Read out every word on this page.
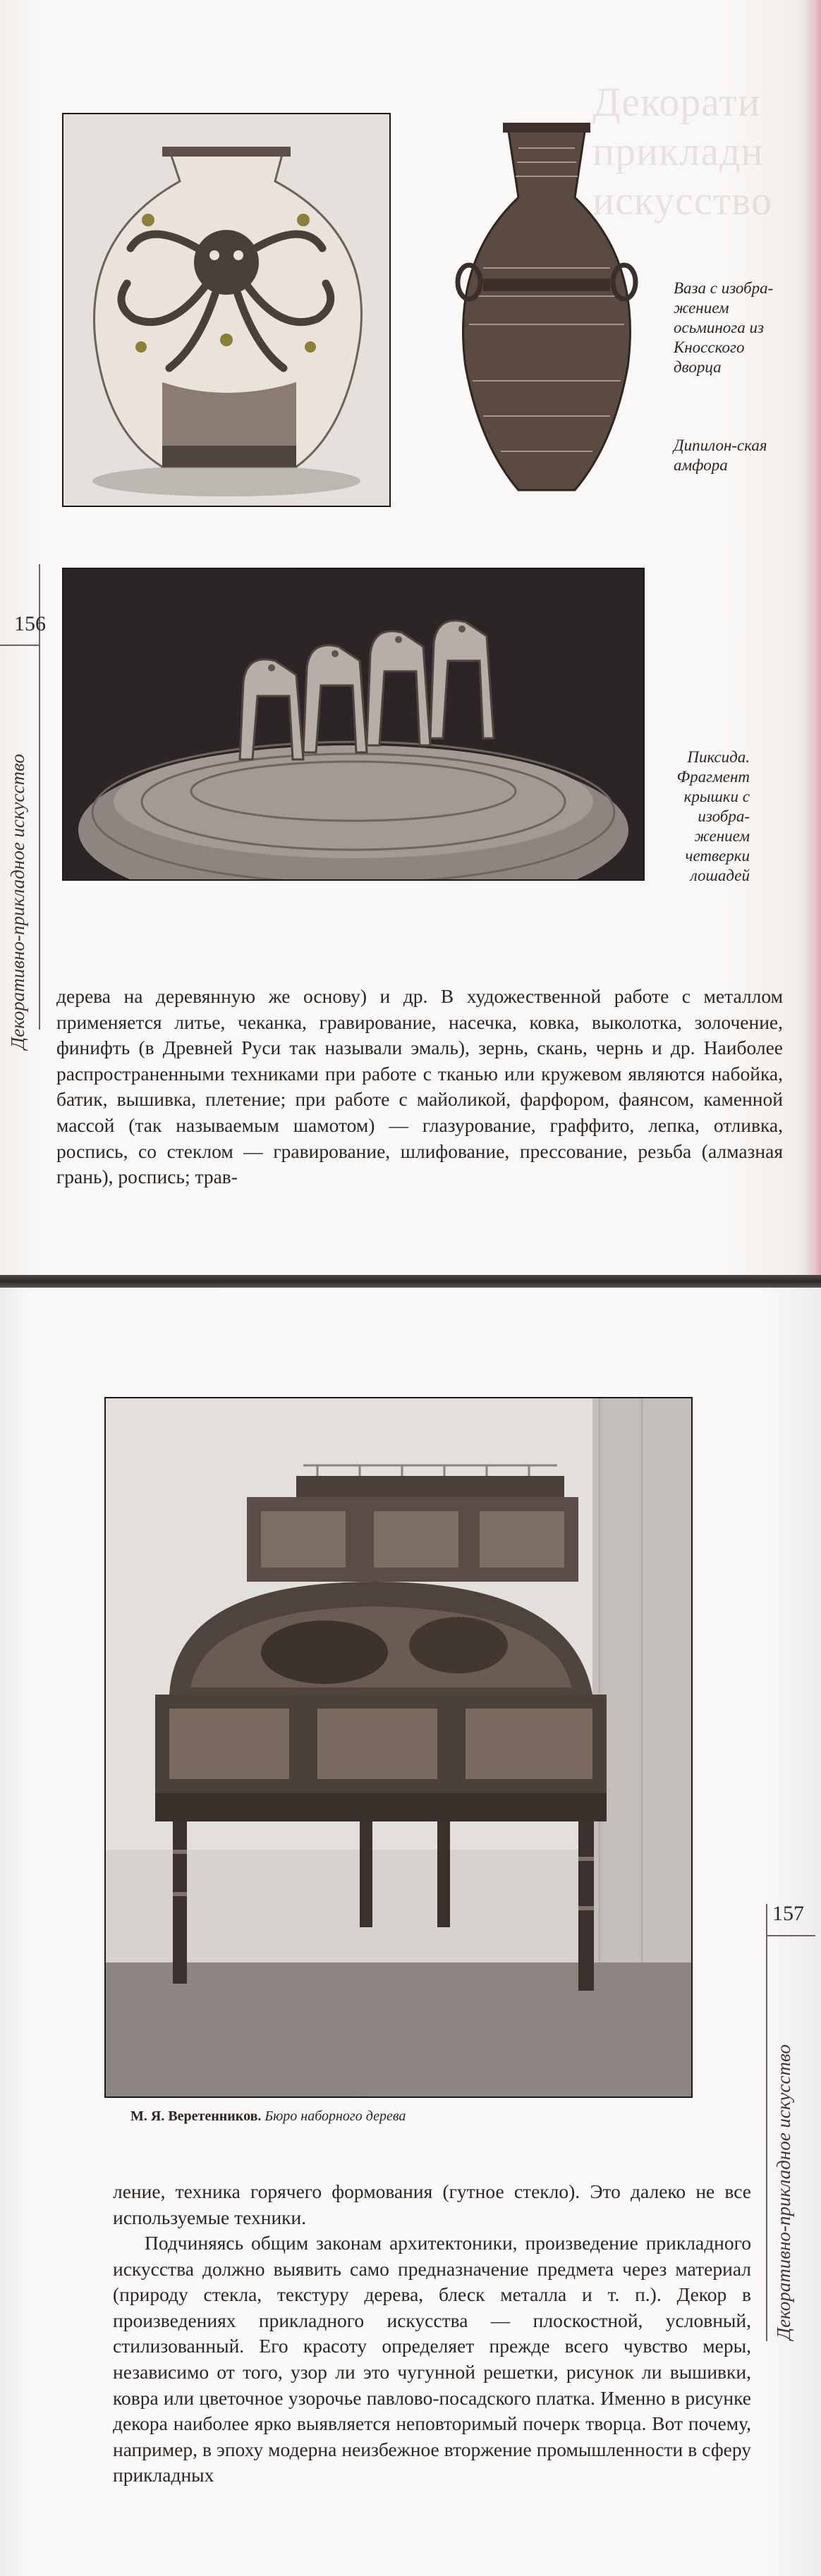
Декорати прикладн искусство

Ваза с изобра-жением осьминога из Кносского дворца

Дипилон-ская амфора

Пиксида. Фрагмент крышки с изобра-жением четверки лошадей

156
Декоративно-прикладное искусство дерева на деревянную же основу) и др. В художественной работе с металлом применяется литье, чеканка, гравирование, насечка, ковка, выколотка, золочение, финифть (в Древней Руси так называли эмаль), зернь, скань, чернь и др. Наиболее распространенными техниками при работе с тканью или кружевом являются набойка, батик, вышивка, плетение; при работе с майоликой, фарфором, фаянсом, каменной массой (так называемым шамотом) — глазурование, граффито, лепка, отливка, роспись, со стеклом — гравирование, шлифование, прессование, резьба (алмазная грань), роспись; трав-

М. Я. Веретенников. Бюро наборного дерева

157
Декоративно-прикладное искусство

ление, техника горячего формования (гутное стекло). Это далеко не все используемые техники.

Подчиняясь общим законам архитектоники, произведение прикладного искусства должно выявить само предназначение предмета через материал (природу стекла, текстуру дерева, блеск металла и т. п.). Декор в произведениях прикладного искусства — плоскостной, условный, стилизованный. Его красоту определяет прежде всего чувство меры, независимо от того, узор ли это чугунной решетки, рисунок ли вышивки, ковра или цветочное узорочье павлово-посадского платка. Именно в рисунке декора наиболее ярко выявляется неповторимый почерк творца. Вот почему, например, в эпоху модерна неизбежное вторжение промышленности в сферу прикладных
